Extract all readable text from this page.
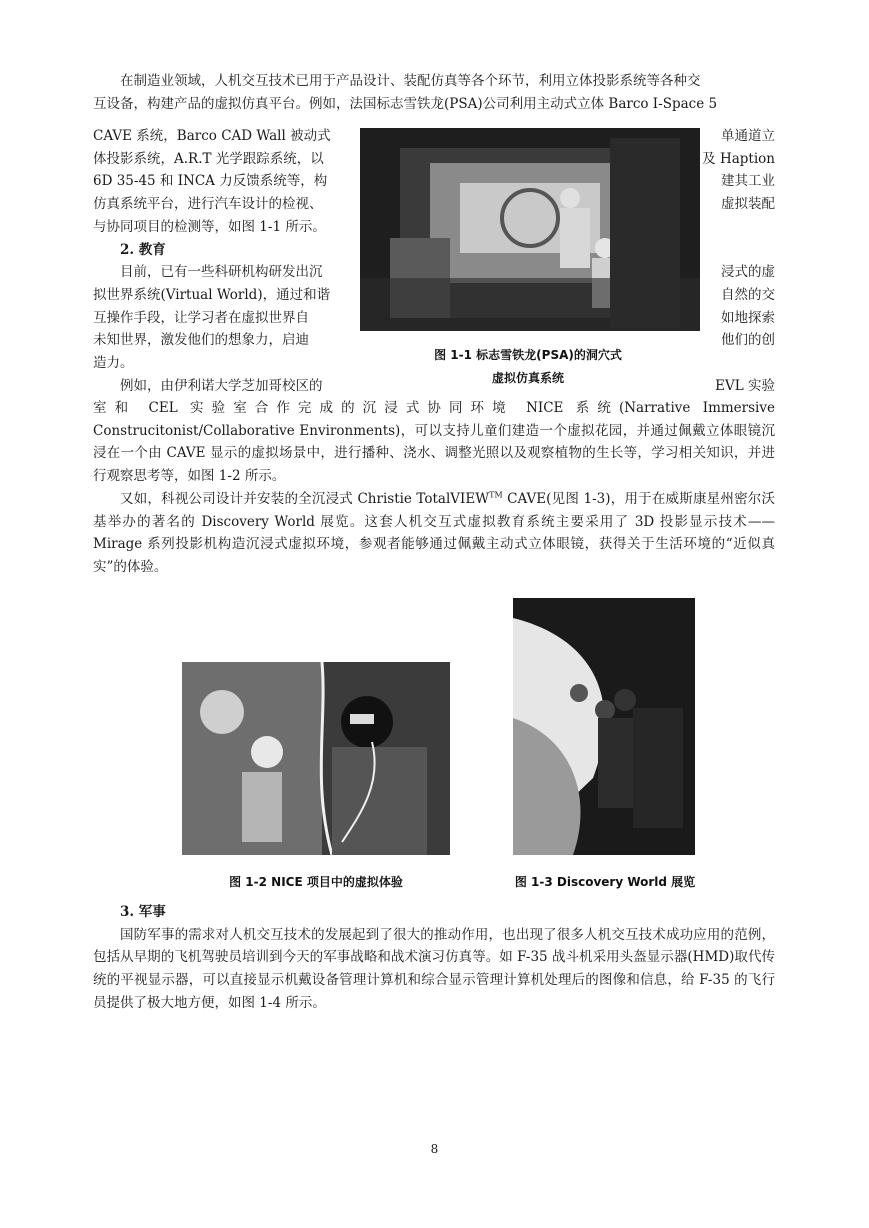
在制造业领域，人机交互技术已用于产品设计、装配仿真等各个环节，利用立体投影系统等各种交
互设备，构建产品的虚拟仿真平台。例如，法国标志雪铁龙(PSA)公司利用主动式立体 Barco I-Space 5
CAVE 系统，Barco CAD Wall 被动式
体投影系统，A.R.T 光学跟踪系统，以
6D 35-45 和 INCA 力反馈系统等，构
仿真系统平台，进行汽车设计的检视、
与协同项目的检测等，如图 1-1 所示。
2. 教育
目前，已有一些科研机构研发出沉
拟世界系统(Virtual World)，通过和谐
互操作手段，让学习者在虚拟世界自
未知世界，激发他们的想象力，启迪
造力。
例如，由伊利诺大学芝加哥校区的
单通道立
及 Haption
建其工业
虚拟装配
浸式的虚
自然的交
如地探索
他们的创
EVL 实验
图 1-1 标志雪铁龙(PSA)的洞穴式
虚拟仿真系统

室和 CEL 实验室合作完成的沉浸式协同环境 NICE 系统(Narrative Immersive Construcitonist/Collaborative Environments)，可以支持儿童们建造一个虚拟花园，并通过佩戴立体眼镜沉浸在一个由 CAVE 显示的虚拟场景中，进行播种、浇水、调整光照以及观察植物的生长等，学习相关知识，并进行观察思考等，如图 1-2 所示。

又如，科视公司设计并安装的全沉浸式 Christie TotalVIEW™ CAVE(见图 1-3)，用于在威斯康星州密尔沃基举办的著名的 Discovery World 展览。这套人机交互式虚拟教育系统主要采用了 3D 投影显示技术——Mirage 系列投影机构造沉浸式虚拟环境，参观者能够通过佩戴主动式立体眼镜，获得关于生活环境的“近似真实”的体验。

图 1-2 NICE 项目中的虚拟体验	图 1-3 Discovery World 展览

3. 军事

国防军事的需求对人机交互技术的发展起到了很大的推动作用，也出现了很多人机交互技术成功应用的范例，包括从早期的飞机驾驶员培训到今天的军事战略和战术演习仿真等。如 F-35 战斗机采用头盔显示器(HMD)取代传统的平视显示器，可以直接显示机戴设备管理计算机和综合显示管理计算机处理后的图像和信息，给 F-35 的飞行员提供了极大地方便，如图 1-4 所示。

8
